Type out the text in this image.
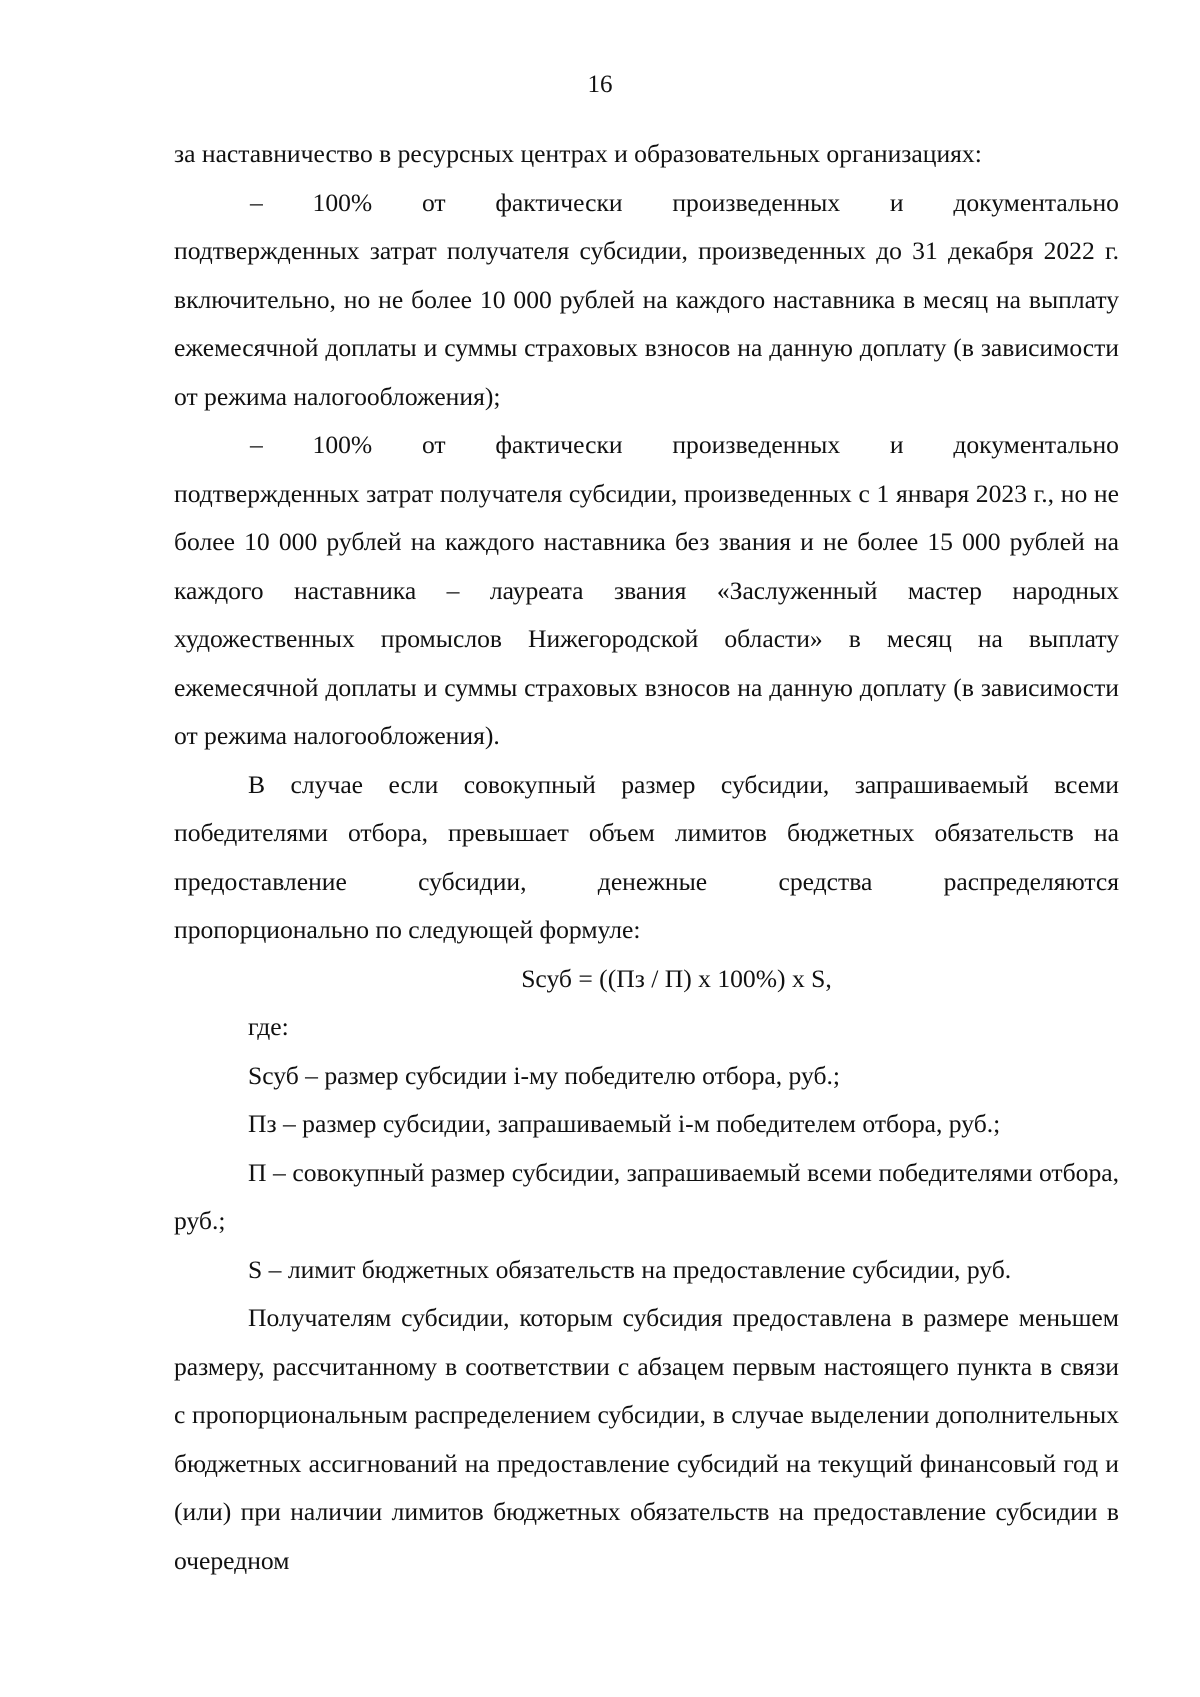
16

за наставничество в ресурсных центрах и образовательных организациях:

– 100% от фактически произведенных и документально

подтвержденных затрат получателя субсидии, произведенных до 31 декабря 2022 г. включительно, но не более 10 000 рублей на каждого наставника в месяц на выплату ежемесячной доплаты и суммы страховых взносов на данную доплату (в зависимости от режима налогообложения);

– 100% от фактически произведенных и документально

подтвержденных затрат получателя субсидии, произведенных с 1 января 2023 г., но не более 10 000 рублей на каждого наставника без звания и не более 15 000 рублей на каждого наставника – лауреата звания «Заслуженный мастер народных художественных промыслов Нижегородской области» в месяц на выплату ежемесячной доплаты и суммы страховых взносов на данную доплату (в зависимости от режима налогообложения).

В случае если совокупный размер субсидии, запрашиваемый всеми победителями отбора, превышает объем лимитов бюджетных обязательств на предоставление субсидии, денежные средства распределяются

пропорционально по следующей формуле:

Sсуб = ((Пз / П) х 100%) х S,

где:

Sсуб – размер субсидии i-му победителю отбора, руб.;

Пз – размер субсидии, запрашиваемый i-м победителем отбора, руб.;

П – совокупный размер субсидии, запрашиваемый всеми победителями отбора, руб.;

S – лимит бюджетных обязательств на предоставление субсидии, руб.

Получателям субсидии, которым субсидия предоставлена в размере меньшем размеру, рассчитанному в соответствии с абзацем первым настоящего пункта в связи с пропорциональным распределением субсидии, в случае выделении дополнительных бюджетных ассигнований на предоставление субсидий на текущий финансовый год и (или) при наличии лимитов бюджетных обязательств на предоставление субсидии в очередном
